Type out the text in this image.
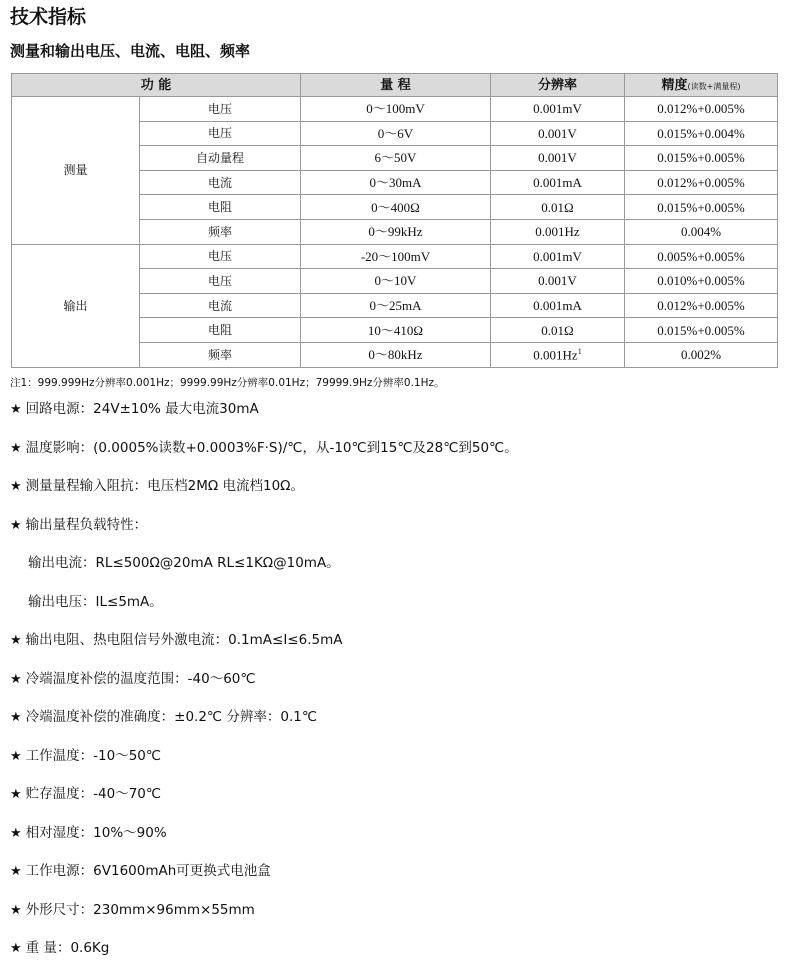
技术指标
测量和输出电压、电流、电阻、频率
功 能		量 程	分辨率	精度(读数+满量程)
测量	电压	0～100mV	0.001mV	0.012%+0.005%
	电压	0～6V	0.001V	0.015%+0.004%
	自动量程	6～50V	0.001V	0.015%+0.005%
	电流	0～30mA	0.001mA	0.012%+0.005%
	电阻	0～400Ω	0.01Ω	0.015%+0.005%
	频率	0～99kHz	0.001Hz	0.004%
输出	电压	-20～100mV	0.001mV	0.005%+0.005%
	电压	0～10V	0.001V	0.010%+0.005%
	电流	0～25mA	0.001mA	0.012%+0.005%
	电阻	10～410Ω	0.01Ω	0.015%+0.005%
	频率	0～80kHz	0.001Hz$^1$	0.002%
注1：999.999Hz分辨率0.001Hz；9999.99Hz分辨率0.01Hz；79999.9Hz分辨率0.1Hz。
★ 回路电源：24V±10% 最大电流30mA
★ 温度影响：(0.0005%读数+0.0003%F·S)/℃，从-10℃到15℃及28℃到50℃。
★ 测量量程输入阻抗：电压档2MΩ 电流档10Ω。
★ 输出量程负载特性：
输出电流：RL≤500Ω@20mA RL≤1KΩ@10mA。
输出电压：IL≤5mA。
★ 输出电阻、热电阻信号外激电流：0.1mA≤I≤6.5mA
★ 冷端温度补偿的温度范围：-40～60℃
★ 冷端温度补偿的准确度：±0.2℃ 分辨率：0.1℃
★ 工作温度：-10～50℃
★ 贮存温度：-40～70℃
★ 相对湿度：10%～90%
★ 工作电源：6V1600mAh可更换式电池盒
★ 外形尺寸：230mm×96mm×55mm
★ 重 量：0.6Kg
